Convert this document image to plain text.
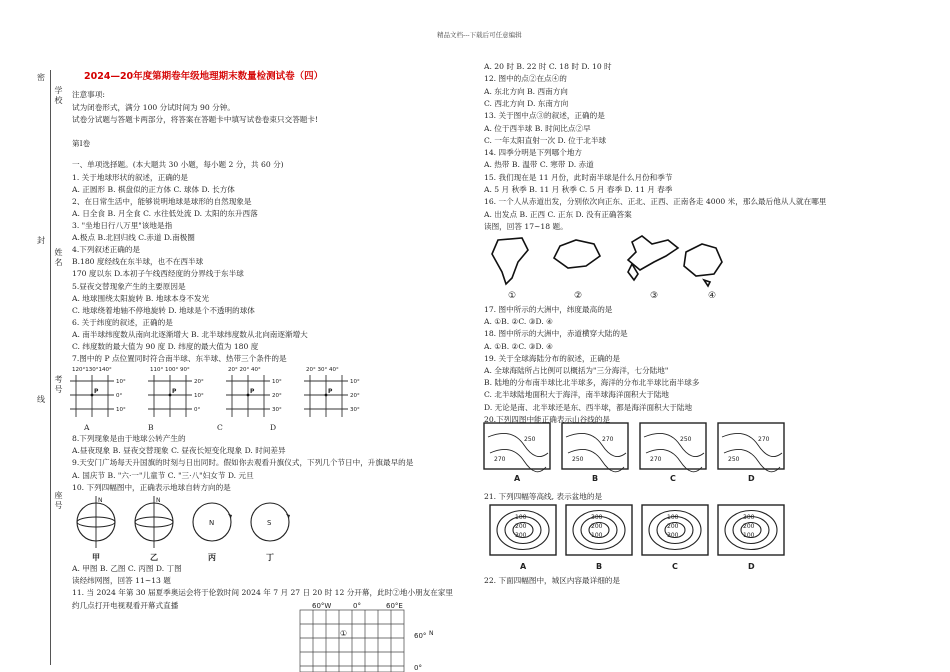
精品文档---下载后可任意编辑
密
封
线
学校
姓名
考号
座号
2024—20年度第期卷年级地理期末数量检测试卷（四）
注意事项:
试为闭卷形式，满分 100 分试时间为 90 分钟。
试卷分试题与答题卡两部分，将答案在答题卡中填写试卷卷束只交答题卡!
第Ⅰ卷
一、单项选择题。(本大题共 30 小题，每小题 2 分，共 60 分)
1. 关于地球形状的叙述，正确的是
A. 正圆形 B. 棋盘似的正方体 C. 球体 D. 长方体
2、在日常生活中，能够说明地球是球形的自然现象是
A. 日全食 B. 月全食 C. 水往低处流 D. 太阳的东升西落
3. "坐地日行八万里"该地是指
A.极点 B.北回归线 C.赤道 D.南极圈
4.下列叙述正确的是
B.180 度经线在东半球，也不在西半球
170 度以东 D.本初子午线西经度的分界线于东半球
5.昼夜交替现象产生的主要原因是
A. 地球围绕太阳旋转 B. 地球本身不发光
C. 地球绕着地轴不停地旋转 D. 地球是个不透明的球体
6. 关于纬度的叙述，正确的是
A. 南半球纬度数从南向北逐渐增大 B. 北半球纬度数从北向南逐渐增大
C. 纬度数的最大值为 90 度 D. 纬度的最大值为 180 度
7.图中的 P 点位置同时符合南半球、东半球、热带三个条件的是
120°130°140°
10°
0°
10°
P
110° 100° 90°
20°
10°
0°
P
20° 20° 40°
10°
20°
30°
P
20° 30° 40°
10°
20°
30°
P
A	B	C	D
8.下列现象是由于地球公转产生的
A.昼夜现象 B. 昼夜交替现象 C. 昼夜长短变化现象 D. 时间差异
9.天安门广场每天升国旗的时刻与日出同时。假如你去观看升旗仪式，下列几个节日中，升旗最早的是
A. 国庆节 B. "六·一"儿童节 C. "三·八"妇女节 D. 元旦
10. 下列四幅图中，正确表示地球自转方向的是
N
甲
N
乙
N
丙
S
丁
A. 甲图 B. 乙图 C. 丙图 D. 丁图
读经纬网图，回答 11~13 题
11. 当 2024 年第 30 届夏季奥运会将于伦敦时间 2024 年 7 月 27 日 20 时 12 分开幕，此时②地小朋友在家里
约几点打开电视观看开幕式直播	60°W	0°	60°E
①	60° N
0°
A. 20 时 B. 22 时 C. 18 时 D. 10 时
12. 图中的点②在点④的
A. 东北方向 B. 西南方向
C. 西北方向 D. 东南方向
13. 关于图中点③的叙述，正确的是
A. 位于西半球 B. 时间比点②早
C. 一年太阳直射一次 D. 位于北半球
14. 四季分明是下列哪个地方
A. 热带 B. 温带 C. 寒带 D. 赤道
15. 我们现在是 11 月份，此时南半球是什么月份和季节
A. 5 月 秋季 B. 11 月 秋季 C. 5 月 春季 D. 11 月 春季
16. 一个人从赤道出发，分别依次向正东、正北、正西、正南各走 4000 米，那么最后他从人就在哪里
A. 出发点 B. 正西 C. 正东 D. 没有正确答案
读图，回答 17~18 题。
①	②	③	④
17. 图中所示的大洲中，纬度最高的是
A. ①B. ②C. ③D. ④
18. 图中所示的大洲中，赤道横穿大陆的是
A. ①B. ②C. ③D. ④
19. 关于全球海陆分布的叙述，正确的是
A. 全球海陆所占比例可以概括为"三分海洋，七分陆地"
B. 陆地的分布南半球比北半球多，海洋的分布北半球比南半球多
C. 北半球陆地面积大于海洋，南半球海洋面积大于陆地
D. 无论是南、北半球还是东、西半球，都是海洋面积大于陆地
20.下列四图中能正确表示山谷线的是
270
250
A
250
270
B
270
250
C
250
270
D
21. 下列四幅等高线, 表示盆地的是
100
200
300
A
300
200
100
B
100
200
300
C
300
200
100
D
22. 下面四幅图中，城区内容最详细的是
